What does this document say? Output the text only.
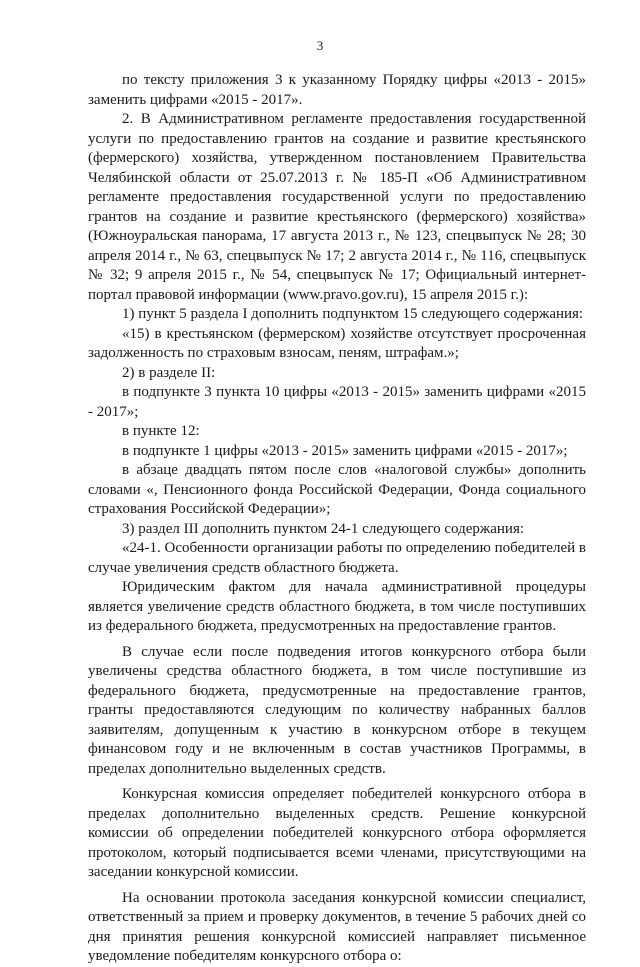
3

по тексту приложения 3 к указанному Порядку цифры «2013 - 2015» заменить цифрами «2015 - 2017».

2. В Административном регламенте предоставления государственной услуги по предоставлению грантов на создание и развитие крестьянского (фермерского) хозяйства, утвержденном постановлением Правительства Челябинской области от 25.07.2013 г. № 185-П «Об Административном регламенте предоставления государственной услуги по предоставлению грантов на создание и развитие крестьянского (фермерского) хозяйства» (Южноуральская панорама, 17 августа 2013 г., № 123, спецвыпуск № 28; 30 апреля 2014 г., № 63, спецвыпуск № 17; 2 августа 2014 г., № 116, спецвыпуск № 32; 9 апреля 2015 г., № 54, спецвыпуск № 17; Официальный интернет-портал правовой информации (www.pravo.gov.ru), 15 апреля 2015 г.):

1) пункт 5 раздела I дополнить подпунктом 15 следующего содержания:

«15) в крестьянском (фермерском) хозяйстве отсутствует просроченная задолженность по страховым взносам, пеням, штрафам.»;

2) в разделе II:

в подпункте 3 пункта 10 цифры «2013 - 2015» заменить цифрами «2015 - 2017»;

в пункте 12:

в подпункте 1 цифры «2013 - 2015» заменить цифрами «2015 - 2017»;

в абзаце двадцать пятом после слов «налоговой службы» дополнить словами «, Пенсионного фонда Российской Федерации, Фонда социального страхования Российской Федерации»;

3) раздел III дополнить пунктом 24-1 следующего содержания:

«24-1. Особенности организации работы по определению победителей в случае увеличения средств областного бюджета.

Юридическим фактом для начала административной процедуры является увеличение средств областного бюджета, в том числе поступивших из федерального бюджета, предусмотренных на предоставление грантов.

В случае если после подведения итогов конкурсного отбора были увеличены средства областного бюджета, в том числе поступившие из федерального бюджета, предусмотренные на предоставление грантов, гранты предоставляются следующим по количеству набранных баллов заявителям, допущенным к участию в конкурсном отборе в текущем финансовом году и не включенным в состав участников Программы, в пределах дополнительно выделенных средств.

Конкурсная комиссия определяет победителей конкурсного отбора в пределах дополнительно выделенных средств. Решение конкурсной комиссии об определении победителей конкурсного отбора оформляется протоколом, который подписывается всеми членами, присутствующими на заседании конкурсной комиссии.

На основании протокола заседания конкурсной комиссии специалист, ответственный за прием и проверку документов, в течение 5 рабочих дней со дня принятия решения конкурсной комиссией направляет письменное уведомление победителям конкурсного отбора о:
